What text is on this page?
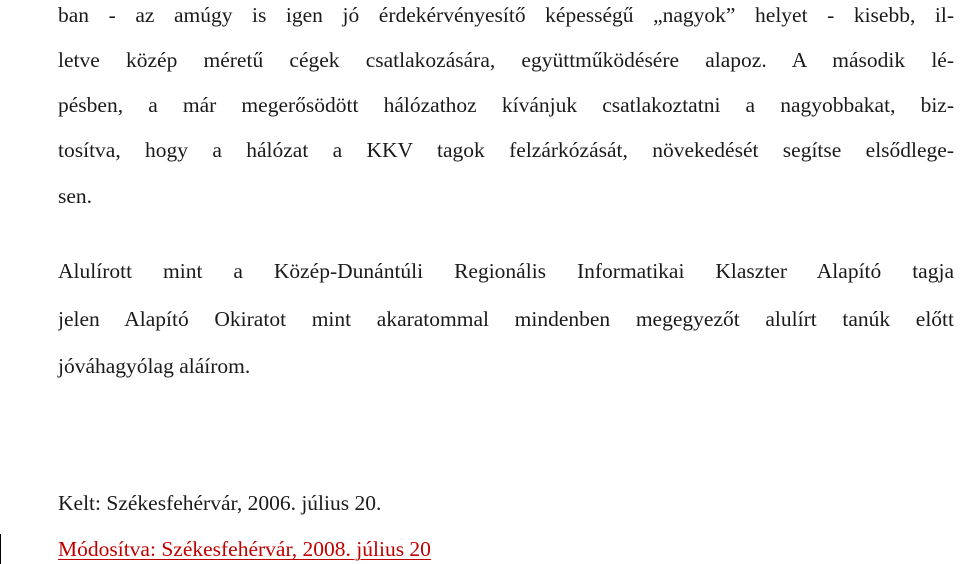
ban - az amúgy is igen jó érdekérvényesítő képességű „nagyok” helyet - kisebb, il-
letve közép méretű cégek csatlakozására, együttműködésére alapoz. A második lé-
pésben, a már megerősödött hálózathoz kívánjuk csatlakoztatni a nagyobbakat, biz-
tosítva, hogy a hálózat a KKV tagok felzárkózását, növekedését segítse elsődlege-
sen.
Alulírott mint a Közép-Dunántúli Regionális Informatikai Klaszter Alapító tagja
jelen Alapító Okiratot mint akaratommal mindenben megegyezőt alulírt tanúk előtt
jóváhagyólag aláírom.
Kelt: Székesfehérvár, 2006. július 20.
Módosítva: Székesfehérvár, 2008. július 20
